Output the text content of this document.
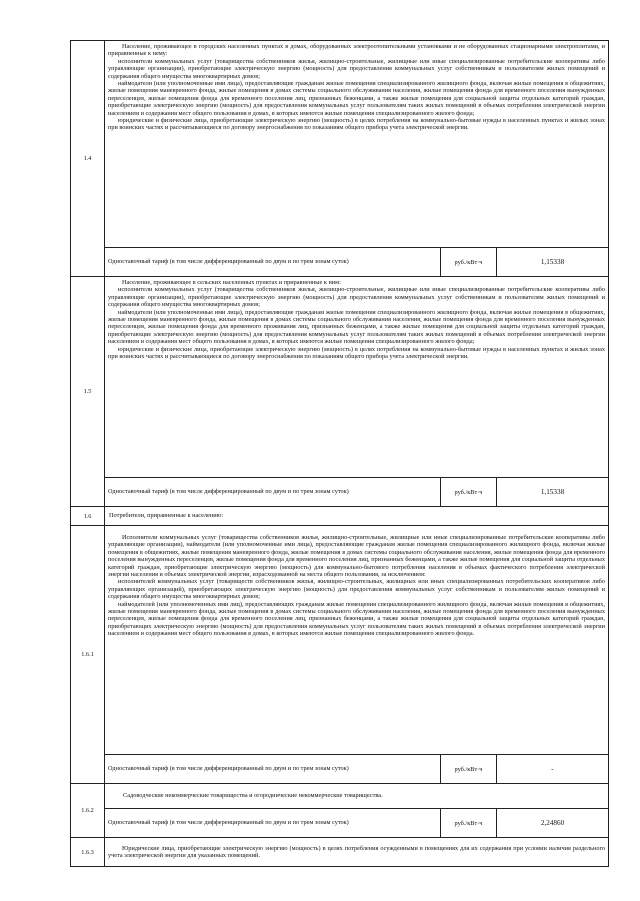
1.4	Население, проживающее в городских населенных пунктах в домах, оборудованных электроотопительными установками и не оборудованных стационарными электроплитами, и приравненные к нему:

исполнители коммунальных услуг (товарищества собственников жилья, жилищно-строительные, жилищные или иные специализированные потребительские кооперативы либо управляющие организации), приобретающие электрическую энергию (мощность) для предоставления коммунальных услуг собственникам и пользователям жилых помещений и содержания общего имущества многоквартирных домов;

наймодатели (или уполномоченные ими лица), предоставляющие гражданам жилые помещения специализированного жилищного фонда, включая жилые помещения в общежитиях, жилые помещения маневренного фонда, жилые помещения в домах системы социального обслуживания населения, жилые помещения фонда для временного поселения вынужденных переселенцев, жилые помещения фонда для временного поселения лиц, признанных беженцами, а также жилые помещения для социальной защиты отдельных категорий граждан, приобретающие электрическую энергию (мощность) для предоставления коммунальных услуг пользователям таких жилых помещений в объемах потребления электрической энергии населением и содержания мест общего пользования в домах, в которых имеются жилые помещения специализированного жилого фонда;

юридические и физические лица, приобретающие электрическую энергию (мощность) в целях потребления на коммунально-бытовые нужды в населенных пунктах и жилых зонах при воинских частях и рассчитывающиеся по договору энергоснабжения по показаниям общего прибора учета электрической энергии.		

	Одноставочный тариф (в том числе дифференцированный по двум и по трем зонам суток)	руб./кВт·ч	1,15338
1.5	Население, проживающее в сельских населенных пунктах и приравненные к ним:

исполнители коммунальных услуг (товарищества собственников жилья, жилищно-строительные, жилищные или иные специализированные потребительские кооперативы либо управляющие организации), приобретающие электрическую энергию (мощность) для предоставления коммунальных услуг собственникам и пользователям жилых помещений и содержания общего имущества многоквартирных домов;

наймодатели (или уполномоченные ими лица), предоставляющие гражданам жилые помещения специализированного жилищного фонда, включая жилые помещения в общежитиях, жилые помещения маневренного фонда, жилые помещения в домах системы социального обслуживания населения, жилые помещения фонда для временного поселения вынужденных переселенцев, жилые помещения фонда для временного проживания лиц, признанных беженцами, а также жилые помещения для социальной защиты отдельных категорий граждан, приобретающие электрическую энергию (мощность) для предоставления коммунальных услуг пользователям таких жилых помещений в объемах потребления электрической энергии населением и содержания мест общего пользования в домах, в которых имеются жилые помещения специализированного жилого фонда;

юридические и физические лица, приобретающие электрическую энергию (мощность) в целях потребления на коммунально-бытовые нужды в населенных пунктах и жилых зонах при воинских частях и рассчитывающиеся по договору энергоснабжения по показаниям общего прибора учета электрической энергии.		

	Одноставочный тариф (в том числе дифференцированный по двум и по трем зонам суток)	руб./кВт·ч	1,15338
1.6	Потребители, приравненные к населению:		
1.6.1	Исполнители коммунальных услуг (товарищества собственников жилья, жилищно-строительные, жилищные или иные специализированные потребительские кооперативы либо управляющие организации), наймодатели (или уполномоченные ими лица), предоставляющие гражданам жилые помещения специализированного жилищного фонда, включая жилые помещения в общежитиях, жилые помещения маневренного фонда, жилые помещения в домах системы социального обслуживания населения, жилые помещения фонда для временного поселения вынужденных переселенцев, жилые помещения фонда для временного поселения лиц, признанных беженцами, а также жилые помещения для социальной защиты отдельных категорий граждан, приобретающие электрическую энергию (мощность) для коммунально-бытового потребления населения в объемах фактического потребления электрической энергии населения и объемах электрической энергии, израсходованной на места общего пользования, за исключением:

исполнителей коммунальных услуг (товариществ собственников жилья, жилищно-строительных, жилищных или иных специализированных потребительских кооперативов либо управляющих организаций), приобретающих электрическую энергию (мощность) для предоставления коммунальных услуг собственникам и пользователям жилых помещений и содержания общего имущества многоквартирных домов;

наймодателей (или уполномоченных ими лиц), предоставляющих гражданам жилые помещения специализированного жилищного фонда, включая жилые помещения в общежитиях, жилые помещения маневренного фонда, жилые помещения в домах системы социального обслуживания населения, жилые помещения фонда для временного поселения вынужденных переселенцев, жилые помещения фонда для временного поселения лиц, признанных беженцами, а также жилые помещения для социальной защиты отдельных категорий граждан, приобретающих электрическую энергию (мощность) для предоставления коммунальных услуг пользователям таких жилых помещений в объемах потребления электрической энергии населением и содержания мест общего пользования в домах, в которых имеются жилые помещения специализированного жилого фонда.		

	Одноставочный тариф (в том числе дифференцированный по двум и по трем зонам суток)	руб./кВт·ч	-
1.6.2	Садоводческие некоммерческие товарищества и огороднические некоммерческие товарищества.		
	Одноставочный тариф (в том числе дифференцированный по двум и по трем зонам суток)	руб./кВт·ч	2,24860
1.6.3	Юридические лица, приобретающие электрическую энергию (мощность) в целях потребления осужденными в помещениях для их содержания при условии наличия раздельного учета электрической энергии для указанных помещений.		
